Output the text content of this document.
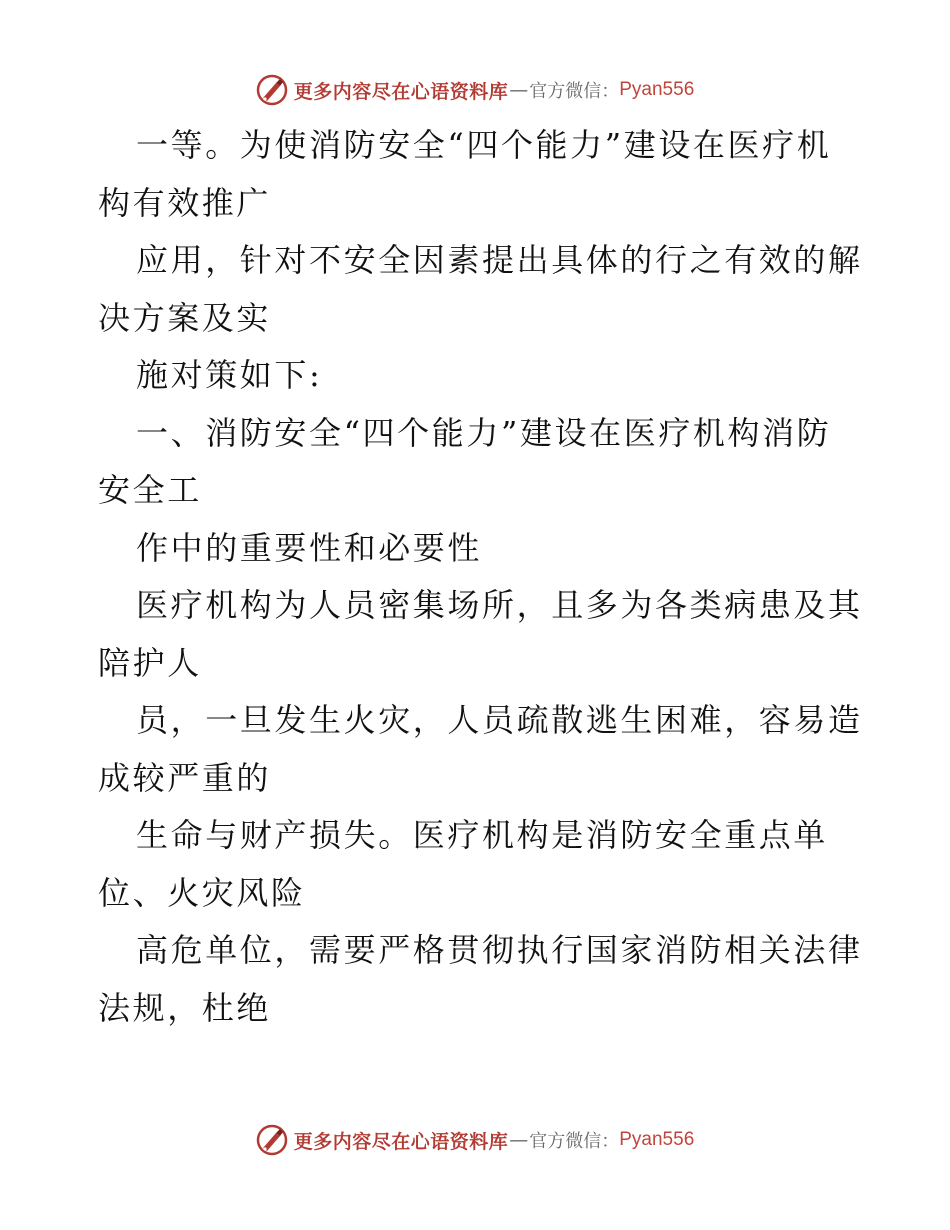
更多内容尽在心语资料库 — 官方微信： Pyan556
一等。为使消防安全“四个能力”建设在医疗机
构有效推广
应用，针对不安全因素提出具体的行之有效的解
决方案及实
施对策如下:
一、消防安全“四个能力”建设在医疗机构消防
安全工
作中的重要性和必要性
医疗机构为人员密集场所，且多为各类病患及其
陪护人
员，一旦发生火灾，人员疏散逃生困难，容易造
成较严重的
生命与财产损失。医疗机构是消防安全重点单
位、火灾风险
高危单位，需要严格贯彻执行国家消防相关法律
法规，杜绝
更多内容尽在心语资料库 — 官方微信： Pyan556
